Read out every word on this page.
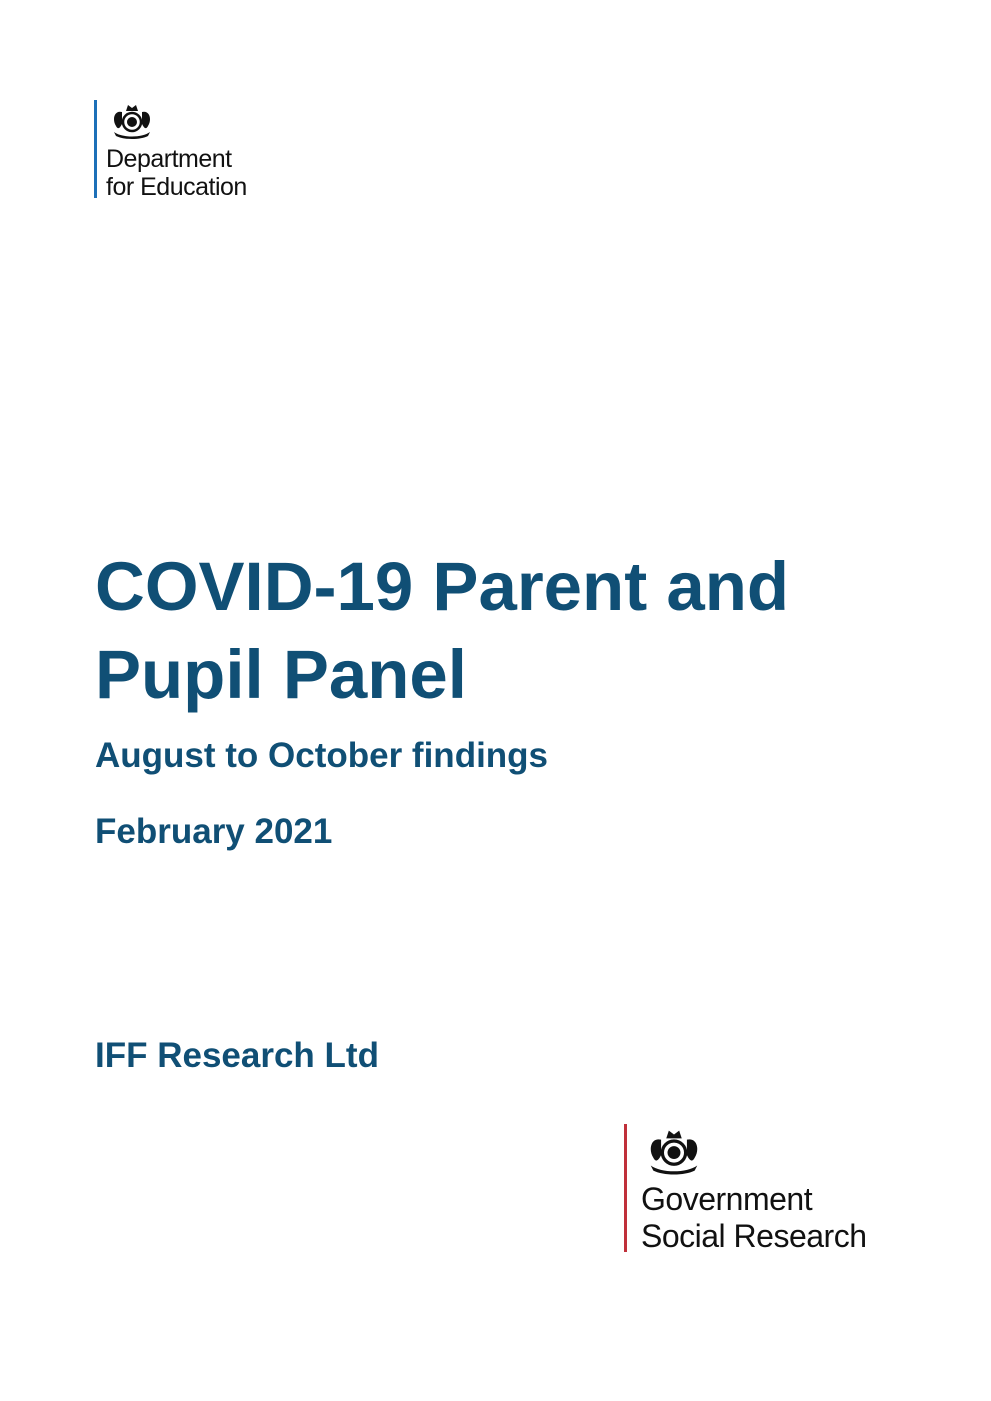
Department
for Education
COVID-19 Parent and
Pupil Panel

August to October findings

February 2021

IFF Research Ltd

Government
Social Research
